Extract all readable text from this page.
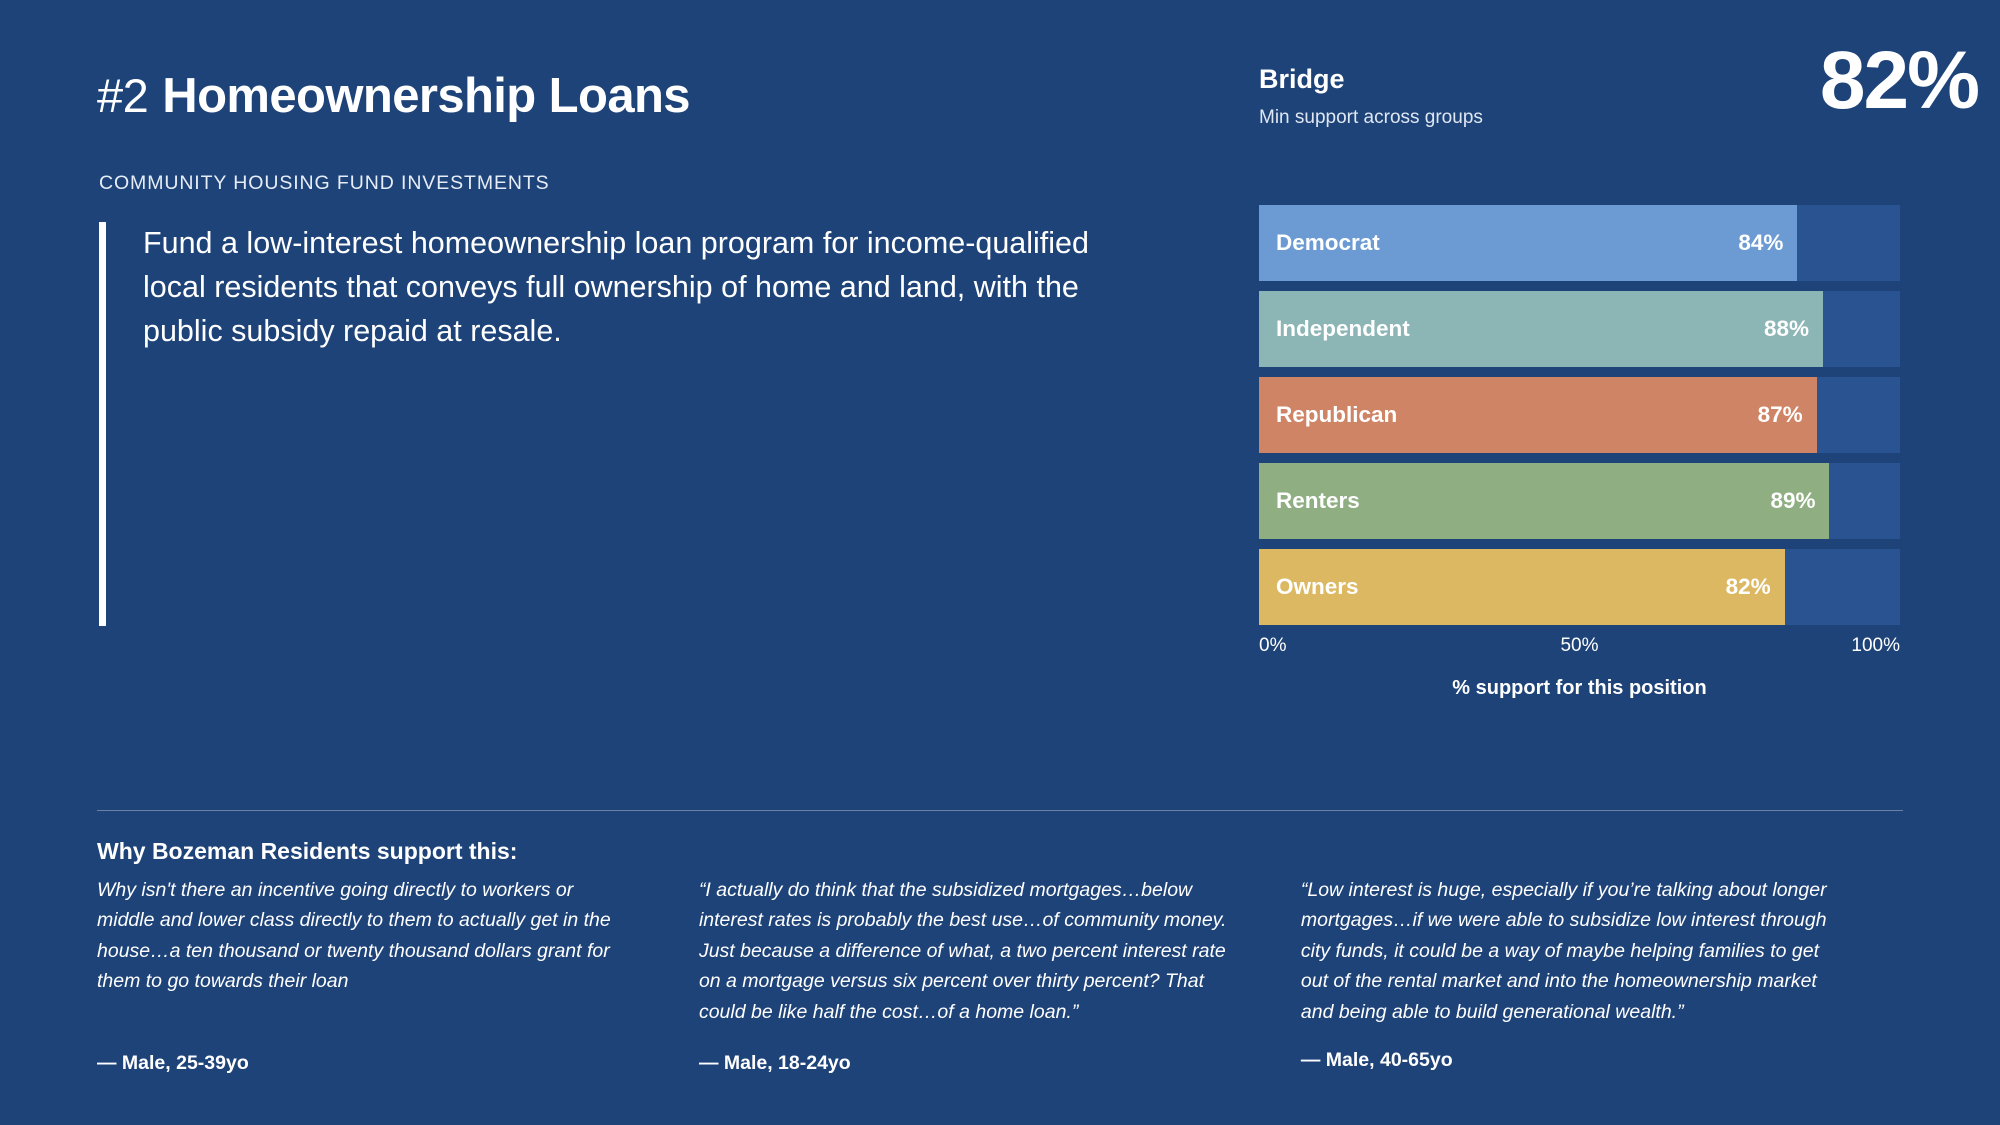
#2 Homeownership Loans
COMMUNITY HOUSING FUND INVESTMENTS
Fund a low-interest homeownership loan program for income-qualified local residents that conveys full ownership of home and land, with the public subsidy repaid at resale.
Bridge
Min support across groups	82%
Democrat	84%
Independent	88%
Republican	87%
Renters	89%
Owners	82%
0%	50%	100%
% support for this position
Why Bozeman Residents support this:
Why isn't there an incentive going directly to workers or middle and lower class directly to them to actually get in the house…a ten thousand or twenty thousand dollars grant for them to go towards their loan
— Male, 25-39yo
“I actually do think that the subsidized mortgages…below interest rates is probably the best use…of community money. Just because a difference of what, a two percent interest rate on a mortgage versus six percent over thirty percent? That could be like half the cost…of a home loan.”
— Male, 18-24yo
“Low interest is huge, especially if you’re talking about longer mortgages…if we were able to subsidize low interest through city funds, it could be a way of maybe helping families to get out of the rental market and into the homeownership market and being able to build generational wealth.”
— Male, 40-65yo
